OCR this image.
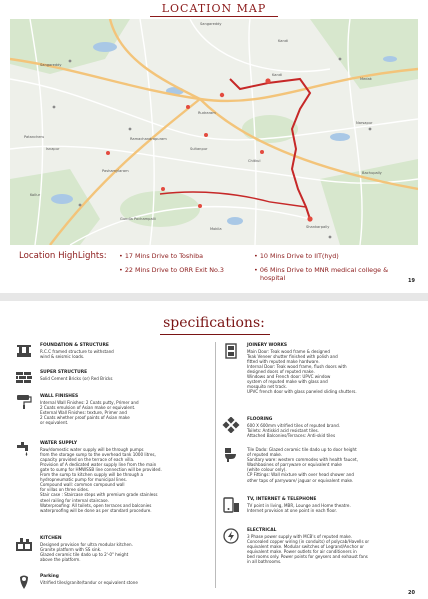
LOCATION MAP
Sangareddy
Kandi
Sangareddy
Patancheru
Isnapur
Ramachandrapuram
Rudraram
Sultanpur
Pashamylaram
Kollur
Gundla Pochampalli
Mokila	Shankarpally
Kandi
Chitkul
Medak
Narsapur
Bachupally
Location HighLights: • 17 Mins Drive to Toshiba
• 22 Mins Drive to ORR Exit No.3
• 10 Mins Drive to IIT(hyd)
• 06 Mins Drive to MNR medical college &
hospital	19
specifications:
FOUNDATION & STRUCTURE
R.C.C framed structure to withstand
wind & seismic loads.
SUPER STRUCTURE
Solid Cement Bricks (or) Red Bricks
WALL FINISHES
Internal Wall Finishes: 2 Coats putty, Primer and
2 Coats emulsion of Asian make or equivalent.
External Wall Finishes: texture, Primer and
2 Coats whether proof paints of Asian make
or equivalent.
WATER SUPPLY
Raw/domestic water supply will be through pumps
from the storage sump to the overhead tank 1000 litres,
capacity provided on the terrace of each villa.
Provision of A dedicated water supply line from the main
gate to sump for HMWSSB line connection will be provided.
From the sump to kitchen supply will be through a
hydropneumatic pump for municipal lines.
Compound wall: common compound wall
for villas on three sides.
Stair case : Staircase steps with premium grade stainless
steel railing for internal staircase.
Waterproofing: All toilets, open terraces and balconies
waterproofing will be done as per standard procedure.
KITCHEN
Designed provision for ultra modular kitchen.
Granite platform with SS sink.
Glazed ceramic tile dado up to 2'-0" height
above the platform.
Parking
Vitrified tiles/granite/tandur or equivalent stone
JOINERY WORKS
Main Door: Teak wood frame & designed
Teak Veneer shutter finished with polish and
fitted with reputed make hardware.
Internal Door: Teak wood frame, flush doors with
designed doors of reputed make.
Windows and French door: UPVC window
system of reputed make with glass and
mosquito net track.
UPVC french door with glass paneled sliding shutters.
FLOORING
600 X 600mm vitrified tiles of reputed brand.
Toilets: Antiskid acid resistant tiles.
Attached Balconies/Terraces: Anti-skid tiles
Tile Dado: Glazed ceramic tile dado up to door height
of reputed make.
Sanitary ware: western commodes with health faucet,
Washbasines of parryware or equivalent make
(white colour only).
CP Fittings: Wall mixture with over head shower and
other taps of parryware/ jaguar or equivalent make.
TV, INTERNET & TELEPHONE
TV point in living, MBR, Lounge and Home theatre.
Internet provision at one point in each floor.
ELECTRICAL
3 Phase power supply with MCB's of reputed make.
Concealed copper wiring (in conduits) of polycab/Havells or
equivalent make. Modular switches of Legrand/Anchor or
equivalent make. Power outlets for air conditioners in
bed rooms only. Power points for geysers and exhaust fans
in all bathrooms.
20
